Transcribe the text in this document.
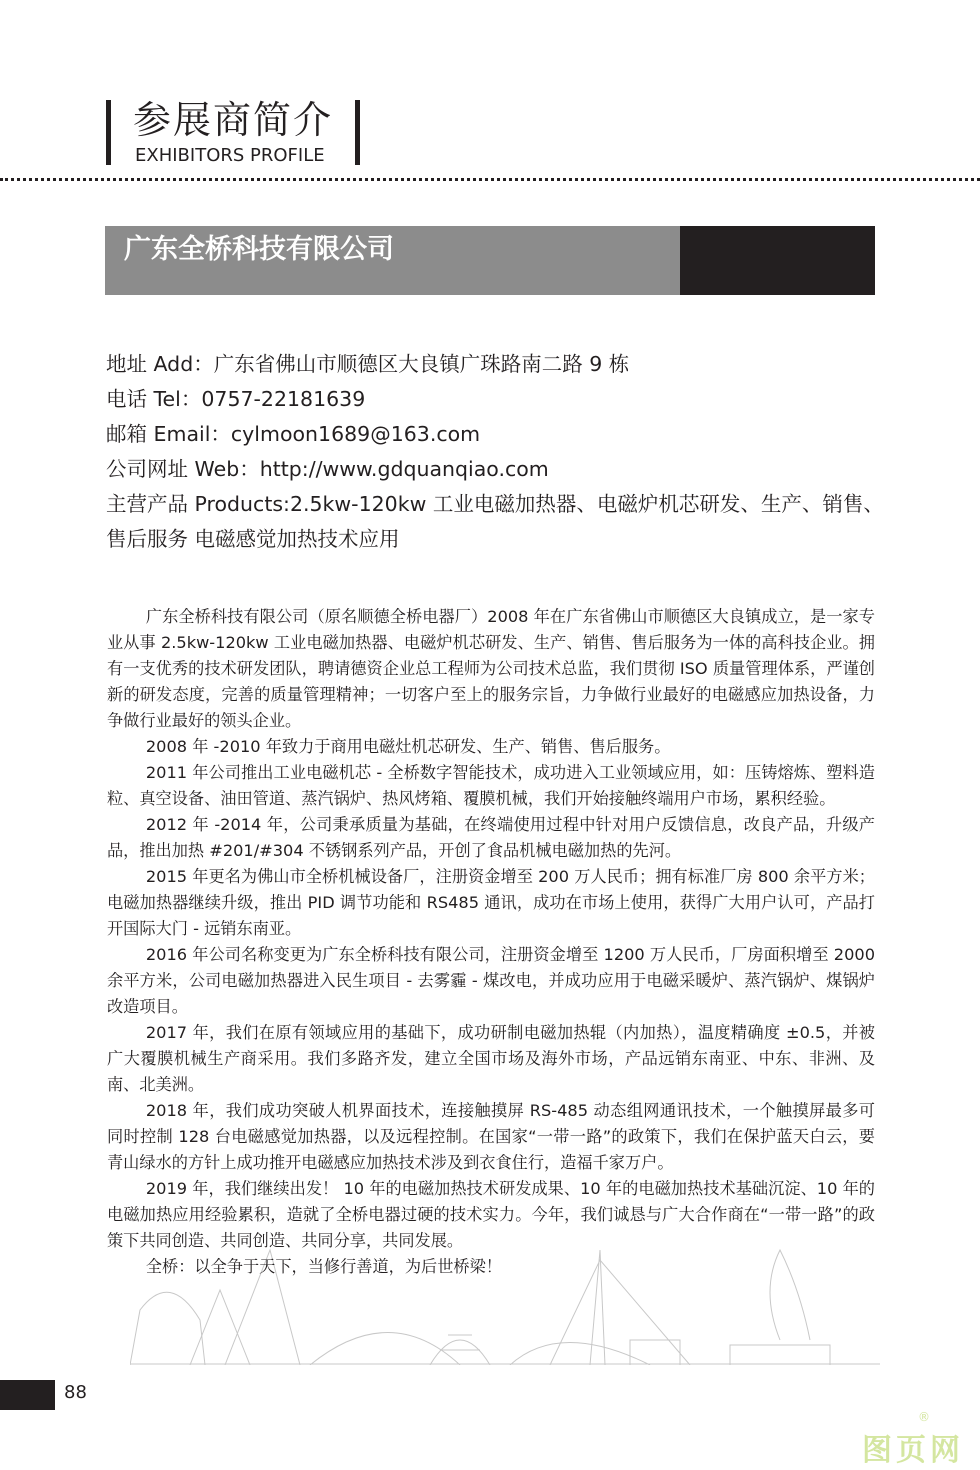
参展商简介
EXHIBITORS PROFILE
广东全桥科技有限公司
地址 Add：广东省佛山市顺德区大良镇广珠路南二路 9 栋
电话 Tel：0757-22181639
邮箱 Email：cylmoon1689@163.com
公司网址 Web：http://www.gdquanqiao.com
主营产品 Products:2.5kw-120kw 工业电磁加热器、电磁炉机芯研发、生产、销售、
售后服务 电磁感觉加热技术应用

广东全桥科技有限公司（原名顺德全桥电器厂）2008 年在广东省佛山市顺德区大良镇成立，是一家专业从事 2.5kw-120kw 工业电磁加热器、电磁炉机芯研发、生产、销售、售后服务为一体的高科技企业。拥有一支优秀的技术研发团队，聘请德资企业总工程师为公司技术总监，我们贯彻 ISO 质量管理体系，严谨创新的研发态度，完善的质量管理精神；一切客户至上的服务宗旨，力争做行业最好的电磁感应加热设备，力争做行业最好的领头企业。

2008 年 -2010 年致力于商用电磁灶机芯研发、生产、销售、售后服务。

2011 年公司推出工业电磁机芯 - 全桥数字智能技术，成功进入工业领域应用，如：压铸熔炼、塑料造粒、真空设备、油田管道、蒸汽锅炉、热风烤箱、覆膜机械，我们开始接触终端用户市场，累积经验。

2012 年 -2014 年，公司秉承质量为基础，在终端使用过程中针对用户反馈信息，改良产品，升级产品，推出加热 #201/#304 不锈钢系列产品，开创了食品机械电磁加热的先河。

2015 年更名为佛山市全桥机械设备厂，注册资金增至 200 万人民币；拥有标准厂房 800 余平方米；电磁加热器继续升级，推出 PID 调节功能和 RS485 通讯，成功在市场上使用，获得广大用户认可，产品打开国际大门 - 远销东南亚。

2016 年公司名称变更为广东全桥科技有限公司，注册资金增至 1200 万人民币，厂房面积增至 2000 余平方米，公司电磁加热器进入民生项目 - 去雾霾 - 煤改电，并成功应用于电磁采暖炉、蒸汽锅炉、煤锅炉改造项目。

2017 年，我们在原有领域应用的基础下，成功研制电磁加热辊（内加热），温度精确度 ±0.5，并被广大覆膜机械生产商采用。我们多路齐发，建立全国市场及海外市场，产品远销东南亚、中东、非洲、及南、北美洲。

2018 年，我们成功突破人机界面技术，连接触摸屏 RS-485 动态组网通讯技术，一个触摸屏最多可同时控制 128 台电磁感觉加热器，以及远程控制。在国家“一带一路”的政策下，我们在保护蓝天白云，要青山绿水的方针上成功推开电磁感应加热技术涉及到衣食住行，造福千家万户。

2019 年，我们继续出发！ 10 年的电磁加热技术研发成果、10 年的电磁加热技术基础沉淀、10 年的电磁加热应用经验累积，造就了全桥电器过硬的技术实力。今年，我们诚恳与广大合作商在“一带一路”的政策下共同创造、共同创造、共同分享，共同发展。

全桥：以全争于天下，当修行善道，为后世桥梁！

88
图页网
®
